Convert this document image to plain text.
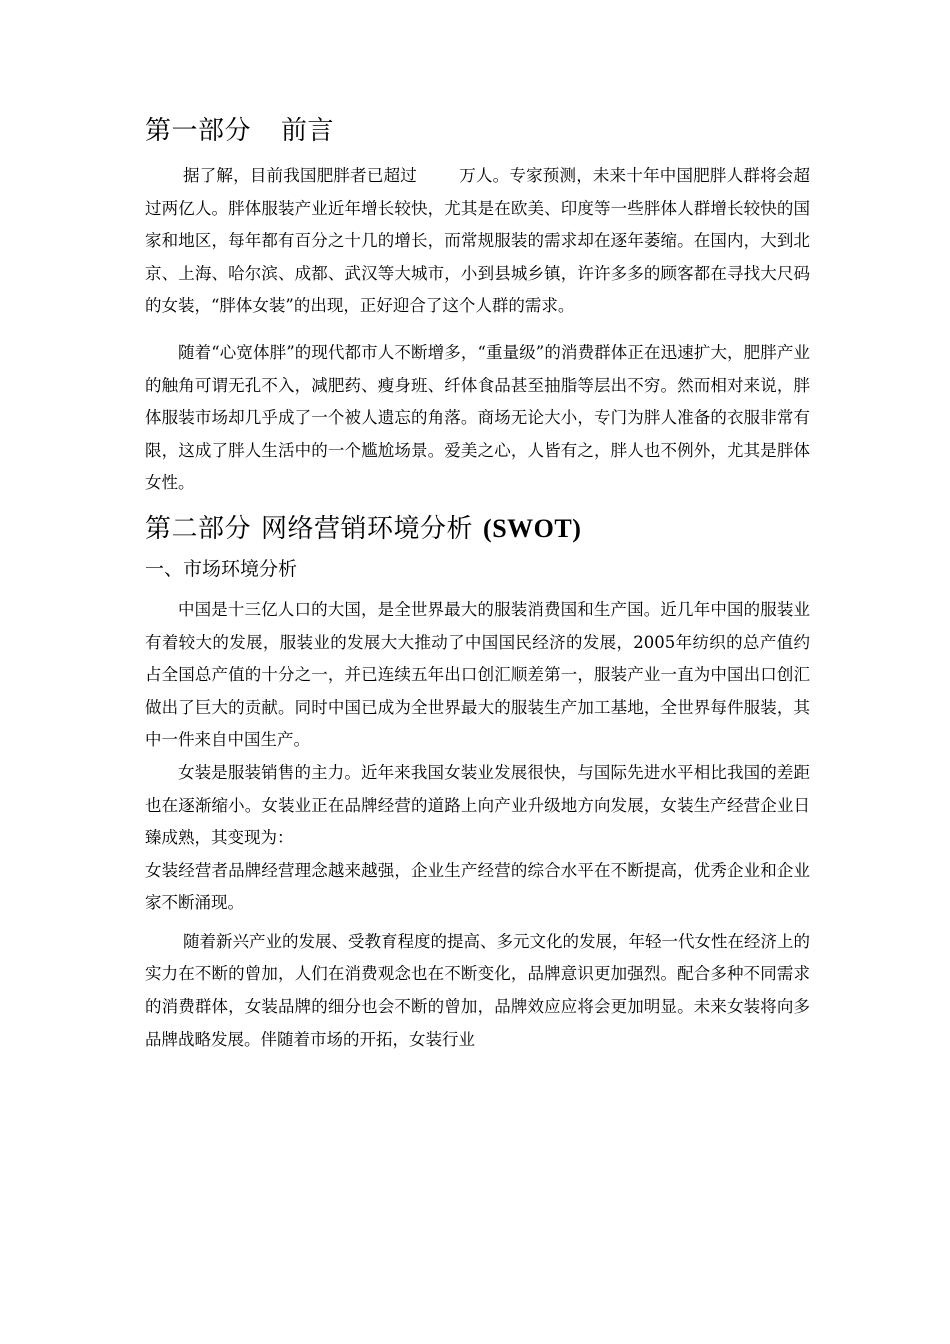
第一部分 前言

据了解，目前我国肥胖者已超过	万人。专家预测，未来十年中国肥胖人群将会超过两亿人。胖体服装产业近年增长较快，尤其是在欧美、印度等一些胖体人群增长较快的国家和地区，每年都有百分之十几的增长，而常规服装的需求却在逐年萎缩。在国内，大到北京、上海、哈尔滨、成都、武汉等大城市，小到县城乡镇，许许多多的顾客都在寻找大尺码的女装，“胖体女装”的出现，正好迎合了这个人群的需求。

随着“心宽体胖”的现代都市人不断增多，“重量级”的消费群体正在迅速扩大，肥胖产业的触角可谓无孔不入，减肥药、瘦身班、纤体食品甚至抽脂等层出不穷。然而相对来说，胖体服装市场却几乎成了一个被人遗忘的角落。商场无论大小，专门为胖人准备的衣服非常有限，这成了胖人生活中的一个尴尬场景。爱美之心，人皆有之，胖人也不例外，尤其是胖体女性。

第二部分 网络营销环境分析 (SWOT)
一、市场环境分析

中国是十三亿人口的大国，是全世界最大的服装消费国和生产国。近几年中国的服装业有着较大的发展，服装业的发展大大推动了中国国民经济的发展，2005年纺织的总产值约占全国总产值的十分之一，并已连续五年出口创汇顺差第一，服装产业一直为中国出口创汇做出了巨大的贡献。同时中国已成为全世界最大的服装生产加工基地，全世界每件服装，其中一件来自中国生产。

女装是服装销售的主力。近年来我国女装业发展很快，与国际先进水平相比我国的差距也在逐渐缩小。女装业正在品牌经营的道路上向产业升级地方向发展，女装生产经营企业日臻成熟，其变现为：

女装经营者品牌经营理念越来越强，企业生产经营的综合水平在不断提高，优秀企业和企业家不断涌现。

随着新兴产业的发展、受教育程度的提高、多元文化的发展，年轻一代女性在经济上的实力在不断的曾加，人们在消费观念也在不断变化，品牌意识更加强烈。配合多种不同需求的消费群体，女装品牌的细分也会不断的曾加，品牌效应应将会更加明显。未来女装将向多品牌战略发展。伴随着市场的开拓，女装行业
